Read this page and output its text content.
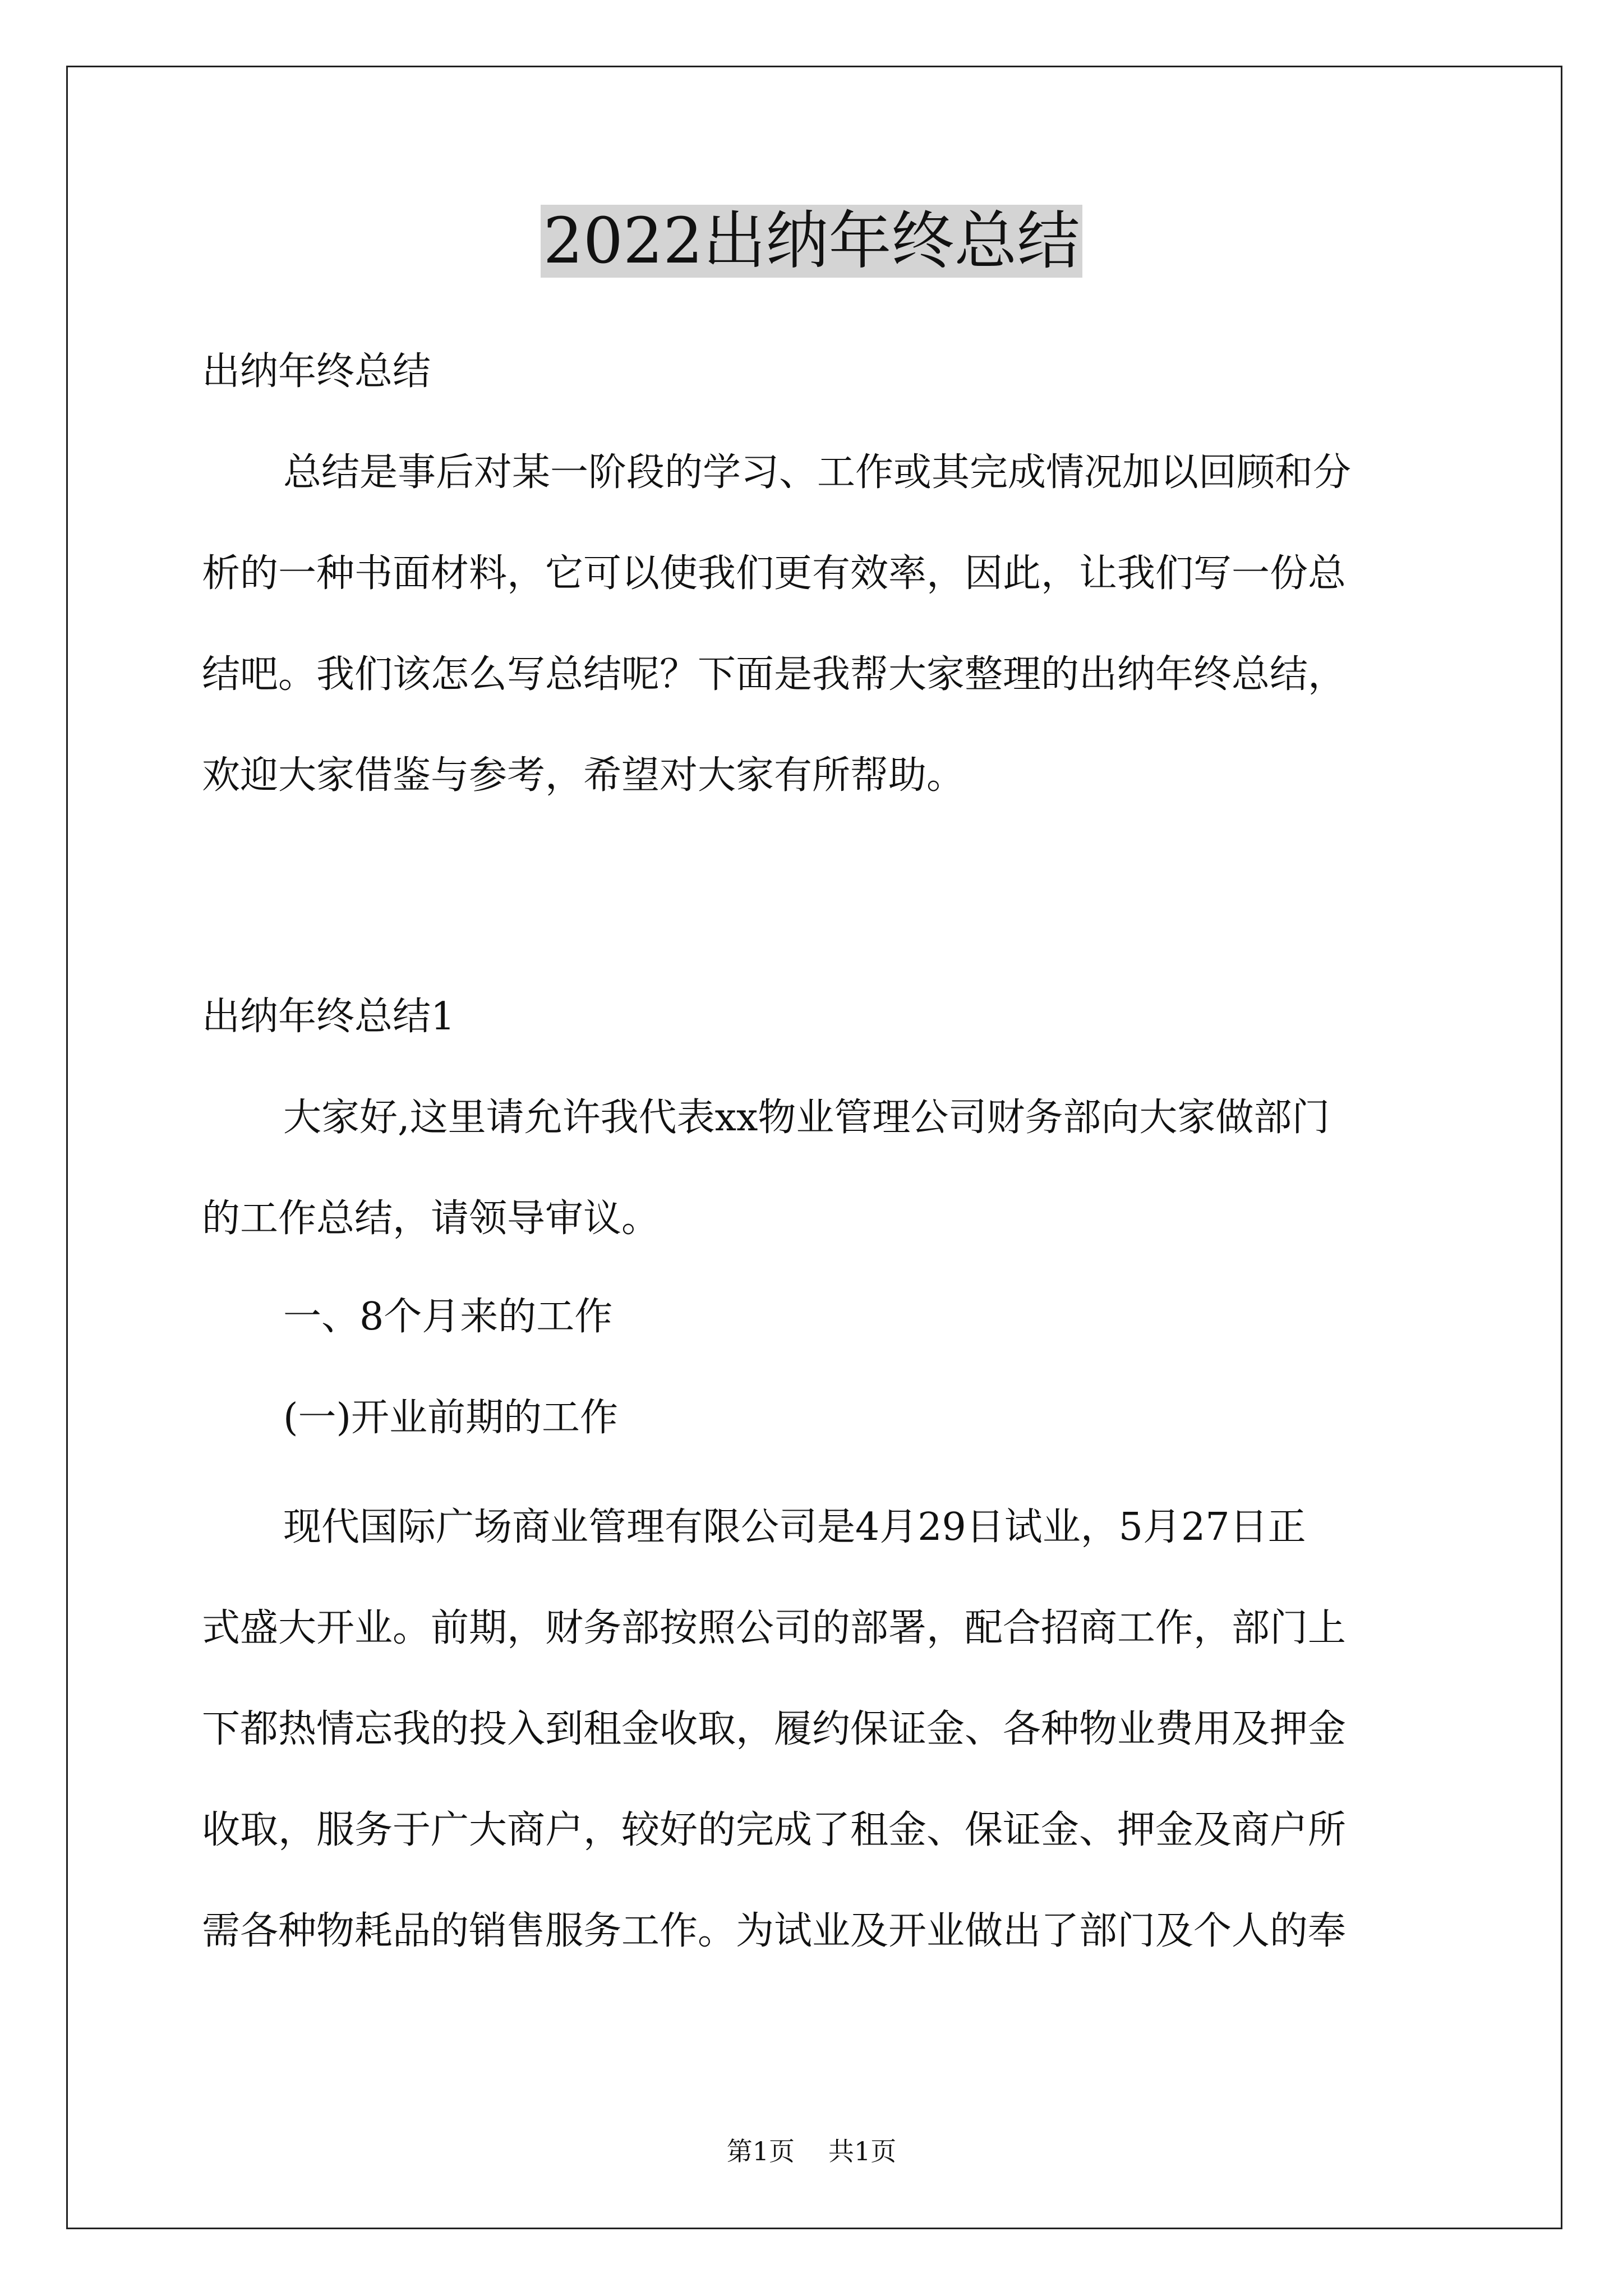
2022出纳年终总结
出纳年终总结
总结是事后对某一阶段的学习、工作或其完成情况加以回顾和分
析的一种书面材料，它可以使我们更有效率，因此，让我们写一份总
结吧。我们该怎么写总结呢？下面是我帮大家整理的出纳年终总结，
欢迎大家借鉴与参考，希望对大家有所帮助。
出纳年终总结1
大家好,这里请允许我代表xx物业管理公司财务部向大家做部门
的工作总结，请领导审议。
一、8个月来的工作
(一)开业前期的工作
现代国际广场商业管理有限公司是4月29日试业，5月27日正
式盛大开业。前期，财务部按照公司的部署，配合招商工作，部门上
下都热情忘我的投入到租金收取，履约保证金、各种物业费用及押金
收取，服务于广大商户，较好的完成了租金、保证金、押金及商户所
需各种物耗品的销售服务工作。为试业及开业做出了部门及个人的奉
第1页 共1页
